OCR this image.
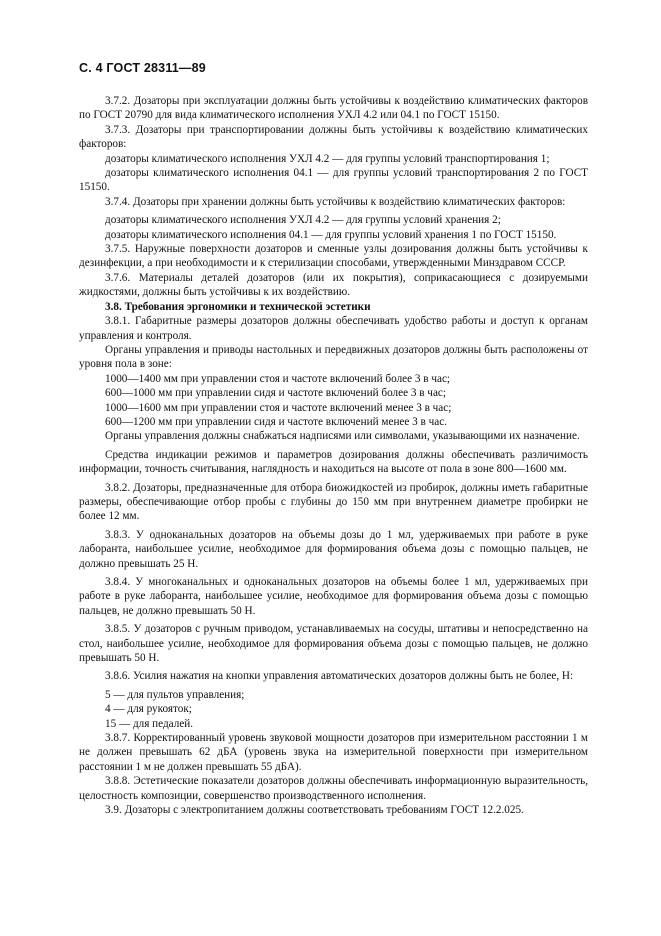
С. 4 ГОСТ 28311—89

3.7.2. Дозаторы при эксплуатации должны быть устойчивы к воздействию климатических факторов по ГОСТ 20790 для вида климатического исполнения УХЛ 4.2 или 04.1 по ГОСТ 15150.

3.7.3. Дозаторы при транспортировании должны быть устойчивы к воздействию климатических факторов:

дозаторы климатического исполнения УХЛ 4.2 — для группы условий транспортирования 1;

дозаторы климатического исполнения 04.1 — для группы условий транспортирования 2 по ГОСТ 15150.

3.7.4. Дозаторы при хранении должны быть устойчивы к воздействию климатических факторов:

дозаторы климатического исполнения УХЛ 4.2 — для группы условий хранения 2;

дозаторы климатического исполнения 04.1 — для группы условий хранения 1 по ГОСТ 15150.

3.7.5. Наружные поверхности дозаторов и сменные узлы дозирования должны быть устойчивы к дезинфекции, а при необходимости и к стерилизации способами, утвержденными Минздравом СССР.

3.7.6. Материалы деталей дозаторов (или их покрытия), соприкасающиеся с дозируемыми жидкостями, должны быть устойчивы к их воздействию.

3.8. Требования эргономики и технической эстетики

3.8.1. Габаритные размеры дозаторов должны обеспечивать удобство работы и доступ к органам управления и контроля.

Органы управления и приводы настольных и передвижных дозаторов должны быть расположены от уровня пола в зоне:

1000—1400 мм при управлении стоя и частоте включений более 3 в час;

600—1000 мм при управлении сидя и частоте включений более 3 в час;

1000—1600 мм при управлении стоя и частоте включений менее 3 в час;

600—1200 мм при управлении сидя и частоте включений менее 3 в час.

Органы управления должны снабжаться надписями или символами, указывающими их назначение.

Средства индикации режимов и параметров дозирования должны обеспечивать различимость информации, точность считывания, наглядность и находиться на высоте от пола в зоне 800—1600 мм.

3.8.2. Дозаторы, предназначенные для отбора биожидкостей из пробирок, должны иметь габаритные размеры, обеспечивающие отбор пробы с глубины до 150 мм при внутреннем диаметре пробирки не более 12 мм.

3.8.3. У одноканальных дозаторов на объемы дозы до 1 мл, удерживаемых при работе в руке лаборанта, наибольшее усилие, необходимое для формирования объема дозы с помощью пальцев, не должно превышать 25 Н.

3.8.4. У многоканальных и одноканальных дозаторов на объемы более 1 мл, удерживаемых при работе в руке лаборанта, наибольшее усилие, необходимое для формирования объема дозы с помощью пальцев, не должно превышать 50 Н.

3.8.5. У дозаторов с ручным приводом, устанавливаемых на сосуды, штативы и непосредственно на стол, наибольшее усилие, необходимое для формирования объема дозы с помощью пальцев, не должно превышать 50 Н.

3.8.6. Усилия нажатия на кнопки управления автоматических дозаторов должны быть не более, Н:

5 — для пультов управления;

4 — для рукояток;

15 — для педалей.

3.8.7. Корректированный уровень звуковой мощности дозаторов при измерительном расстоянии 1 м не должен превышать 62 дБА (уровень звука на измерительной поверхности при измерительном расстоянии 1 м не должен превышать 55 дБА).

3.8.8. Эстетические показатели дозаторов должны обеспечивать информационную выразительность, целостность композиции, совершенство производственного исполнения.

3.9. Дозаторы с электропитанием должны соответствовать требованиям ГОСТ 12.2.025.
